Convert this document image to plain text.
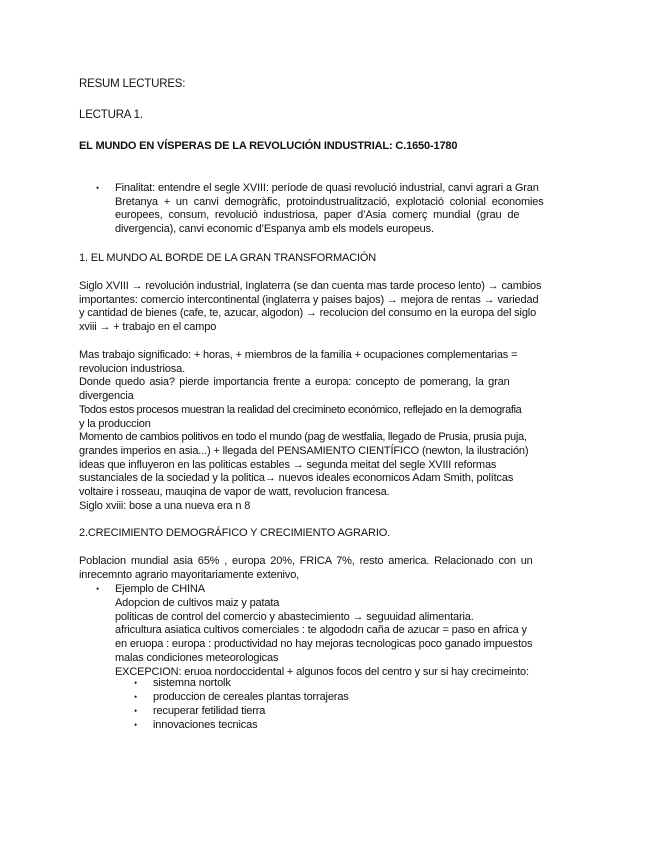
RESUM LECTURES:
LECTURA 1.
EL MUNDO EN VÍSPERAS DE LA REVOLUCIÓN INDUSTRIAL: C.1650-1780
• Finalitat: entendre el segle XVIII: període de quasi revolució industrial, canvi agrari a Gran
Bretanya + un canvi demogràfic, protoindustrualització, explotació colonial economies
europees, consum, revolució industriosa, paper d’Asia comerç mundial (grau de
divergencia), canvi economic d’Espanya amb els models europeus.
1. EL MUNDO AL BORDE DE LA GRAN TRANSFORMACIÓN
Siglo XVIII → revolución industrial, Inglaterra (se dan cuenta mas tarde proceso lento) → cambios
importantes: comercio intercontinental (inglaterra y paises bajos) → mejora de rentas → variedad
y cantidad de bienes (cafe, te, azucar, algodon) → recolucion del consumo en la europa del siglo
xviii → + trabajo en el campo
Mas trabajo significado: + horas, + miembros de la familia + ocupaciones complementarias =
revolucion industriosa.
Donde quedo asia? pierde importancia frente a europa: concepto de pomerang, la gran
divergencia
Todos estos procesos muestran la realidad del crecimineto económico, reflejado en la demografia
y la produccion
Momento de cambios politivos en todo el mundo (pag de westfalia, llegado de Prusia, prusia puja,
grandes imperios en asia...) + llegada del PENSAMIENTO CIENTÍFICO (newton, la ilustración)
ideas que influyeron en las politicas estables → segunda meitat del segle XVIII reformas
sustanciales de la sociedad y la politica→ nuevos ideales economicos Adam Smith, polítcas
voltaire i rosseau, mauqina de vapor de watt, revolucion francesa.
Siglo xviii: bose a una nueva era n 8
2.CRECIMIENTO DEMOGRÁFICO Y CRECIMIENTO AGRARIO.
Poblacion mundial asia 65% , europa 20%, FRICA 7%, resto america. Relacionado con un
inrecemnto agrario mayoritariamente extenivo,
• Ejemplo de CHINA
Adopcion de cultivos maiz y patata
politicas de control del comercio y abastecimiento → seguuidad alimentaria.
africultura asiatica cultivos comerciales : te algododn caña de azucar = paso en africa y
en eruopa : europa : productividad no hay mejoras tecnologicas poco ganado impuestos
malas condiciones meteorologicas
EXCEPCION: eruoa nordoccidental + algunos focos del centro y sur si hay crecimeinto:
• sistemna nortolk
• produccion de cereales plantas torrajeras
• recuperar fetilidad tierra
• innovaciones tecnicas
